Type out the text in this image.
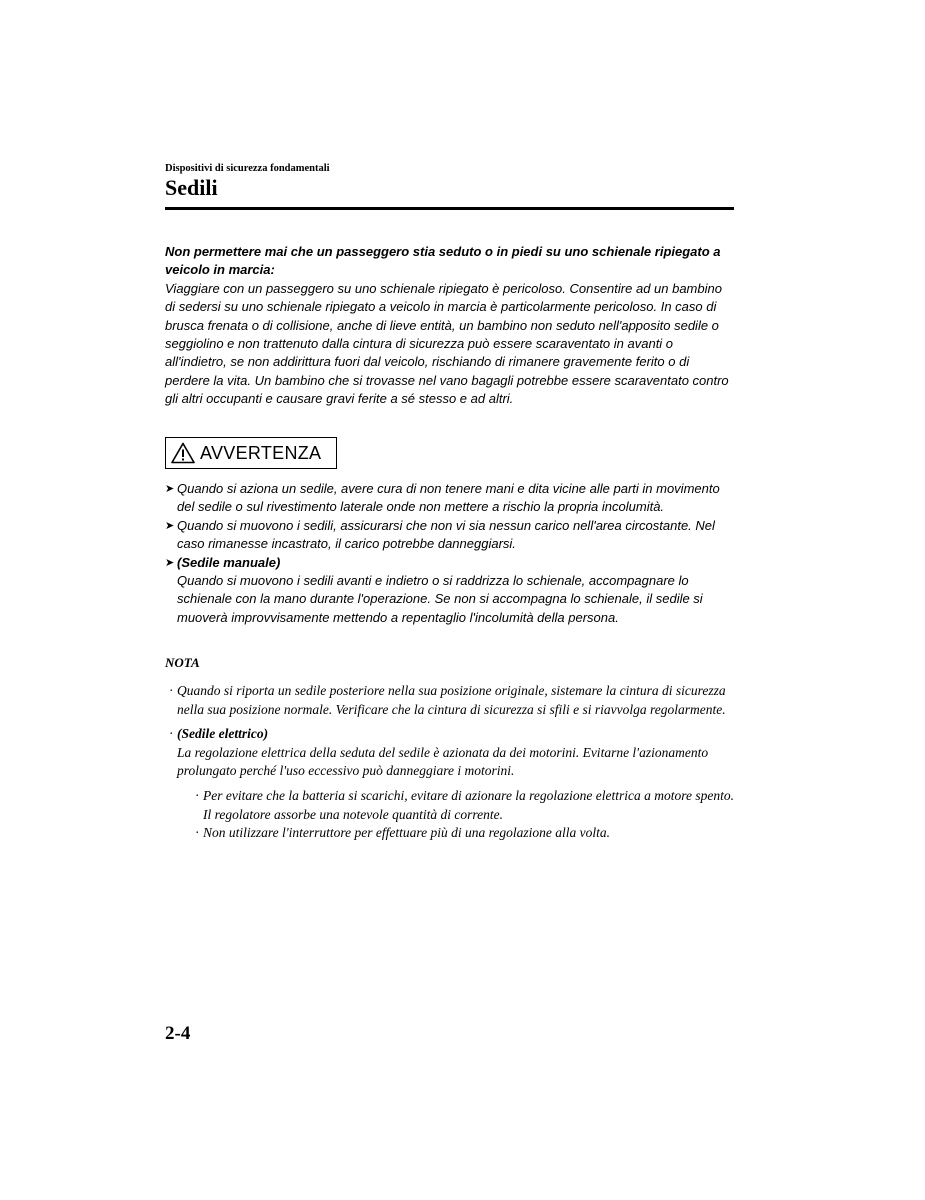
Dispositivi di sicurezza fondamentali
Sedili
Non permettere mai che un passeggero stia seduto o in piedi su uno schienale ripiegato a veicolo in marcia:
Viaggiare con un passeggero su uno schienale ripiegato è pericoloso. Consentire ad un bambino di sedersi su uno schienale ripiegato a veicolo in marcia è particolarmente pericoloso. In caso di brusca frenata o di collisione, anche di lieve entità, un bambino non seduto nell'apposito sedile o seggiolino e non trattenuto dalla cintura di sicurezza può essere scaraventato in avanti o all'indietro, se non addirittura fuori dal veicolo, rischiando di rimanere gravemente ferito o di perdere la vita. Un bambino che si trovasse nel vano bagagli potrebbe essere scaraventato contro gli altri occupanti e causare gravi ferite a sé stesso e ad altri.
AVVERTENZA
➤ Quando si aziona un sedile, avere cura di non tenere mani e dita vicine alle parti in movimento del sedile o sul rivestimento laterale onde non mettere a rischio la propria incolumità.
➤ Quando si muovono i sedili, assicurarsi che non vi sia nessun carico nell'area circostante. Nel caso rimanesse incastrato, il carico potrebbe danneggiarsi.
➤ (Sedile manuale)
Quando si muovono i sedili avanti e indietro o si raddrizza lo schienale, accompagnare lo schienale con la mano durante l'operazione. Se non si accompagna lo schienale, il sedile si muoverà improvvisamente mettendo a repentaglio l'incolumità della persona.
NOTA
· Quando si riporta un sedile posteriore nella sua posizione originale, sistemare la cintura di sicurezza nella sua posizione normale. Verificare che la cintura di sicurezza si sfili e si riavvolga regolarmente.
· (Sedile elettrico)
La regolazione elettrica della seduta del sedile è azionata da dei motorini. Evitarne l'azionamento prolungato perché l'uso eccessivo può danneggiare i motorini.
· Per evitare che la batteria si scarichi, evitare di azionare la regolazione elettrica a motore spento. Il regolatore assorbe una notevole quantità di corrente.
· Non utilizzare l'interruttore per effettuare più di una regolazione alla volta.
2-4
